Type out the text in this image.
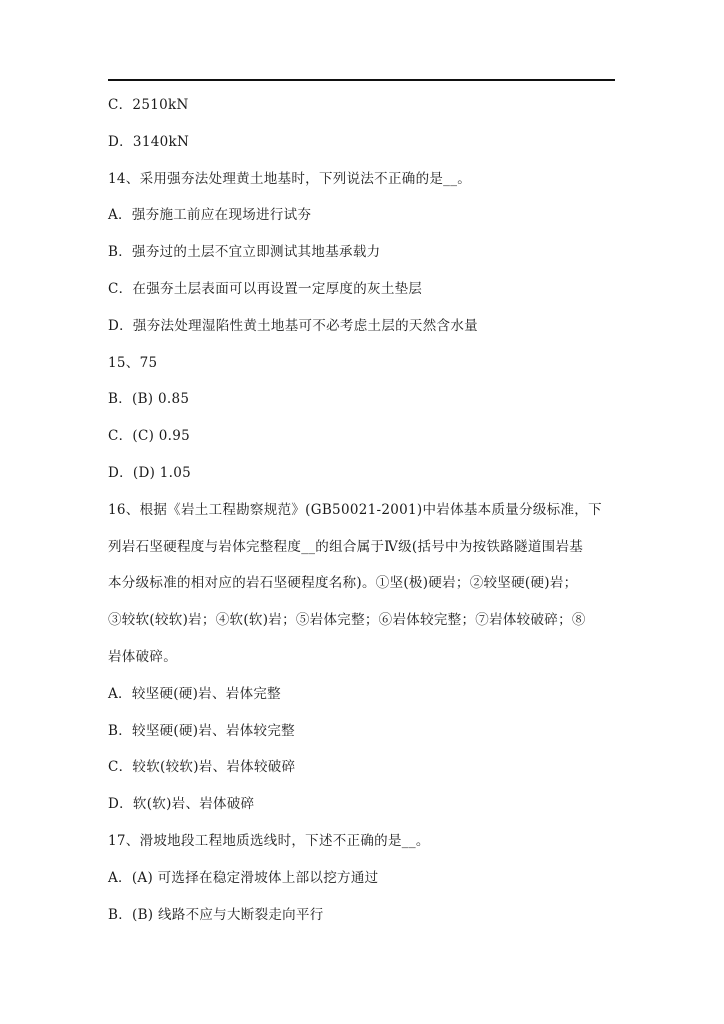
C．2510kN
D．3140kN
14、采用强夯法处理黄土地基时，下列说法不正确的是__。
A．强夯施工前应在现场进行试夯
B．强夯过的土层不宜立即测试其地基承载力
C．在强夯土层表面可以再设置一定厚度的灰土垫层
D．强夯法处理湿陷性黄土地基可不必考虑土层的天然含水量
15、75
B．(B) 0.85
C．(C) 0.95
D．(D) 1.05
16、根据《岩土工程勘察规范》(GB50021-2001)中岩体基本质量分级标准，下
列岩石坚硬程度与岩体完整程度__的组合属于Ⅳ级(括号中为按铁路隧道围岩基
本分级标准的相对应的岩石坚硬程度名称)。①坚(极)硬岩；②较坚硬(硬)岩；
③较软(较软)岩；④软(软)岩；⑤岩体完整；⑥岩体较完整；⑦岩体较破碎；⑧
岩体破碎。
A．较坚硬(硬)岩、岩体完整
B．较坚硬(硬)岩、岩体较完整
C．较软(较软)岩、岩体较破碎
D．软(软)岩、岩体破碎
17、滑坡地段工程地质选线时，下述不正确的是__。
A．(A) 可选择在稳定滑坡体上部以挖方通过
B．(B) 线路不应与大断裂走向平行
